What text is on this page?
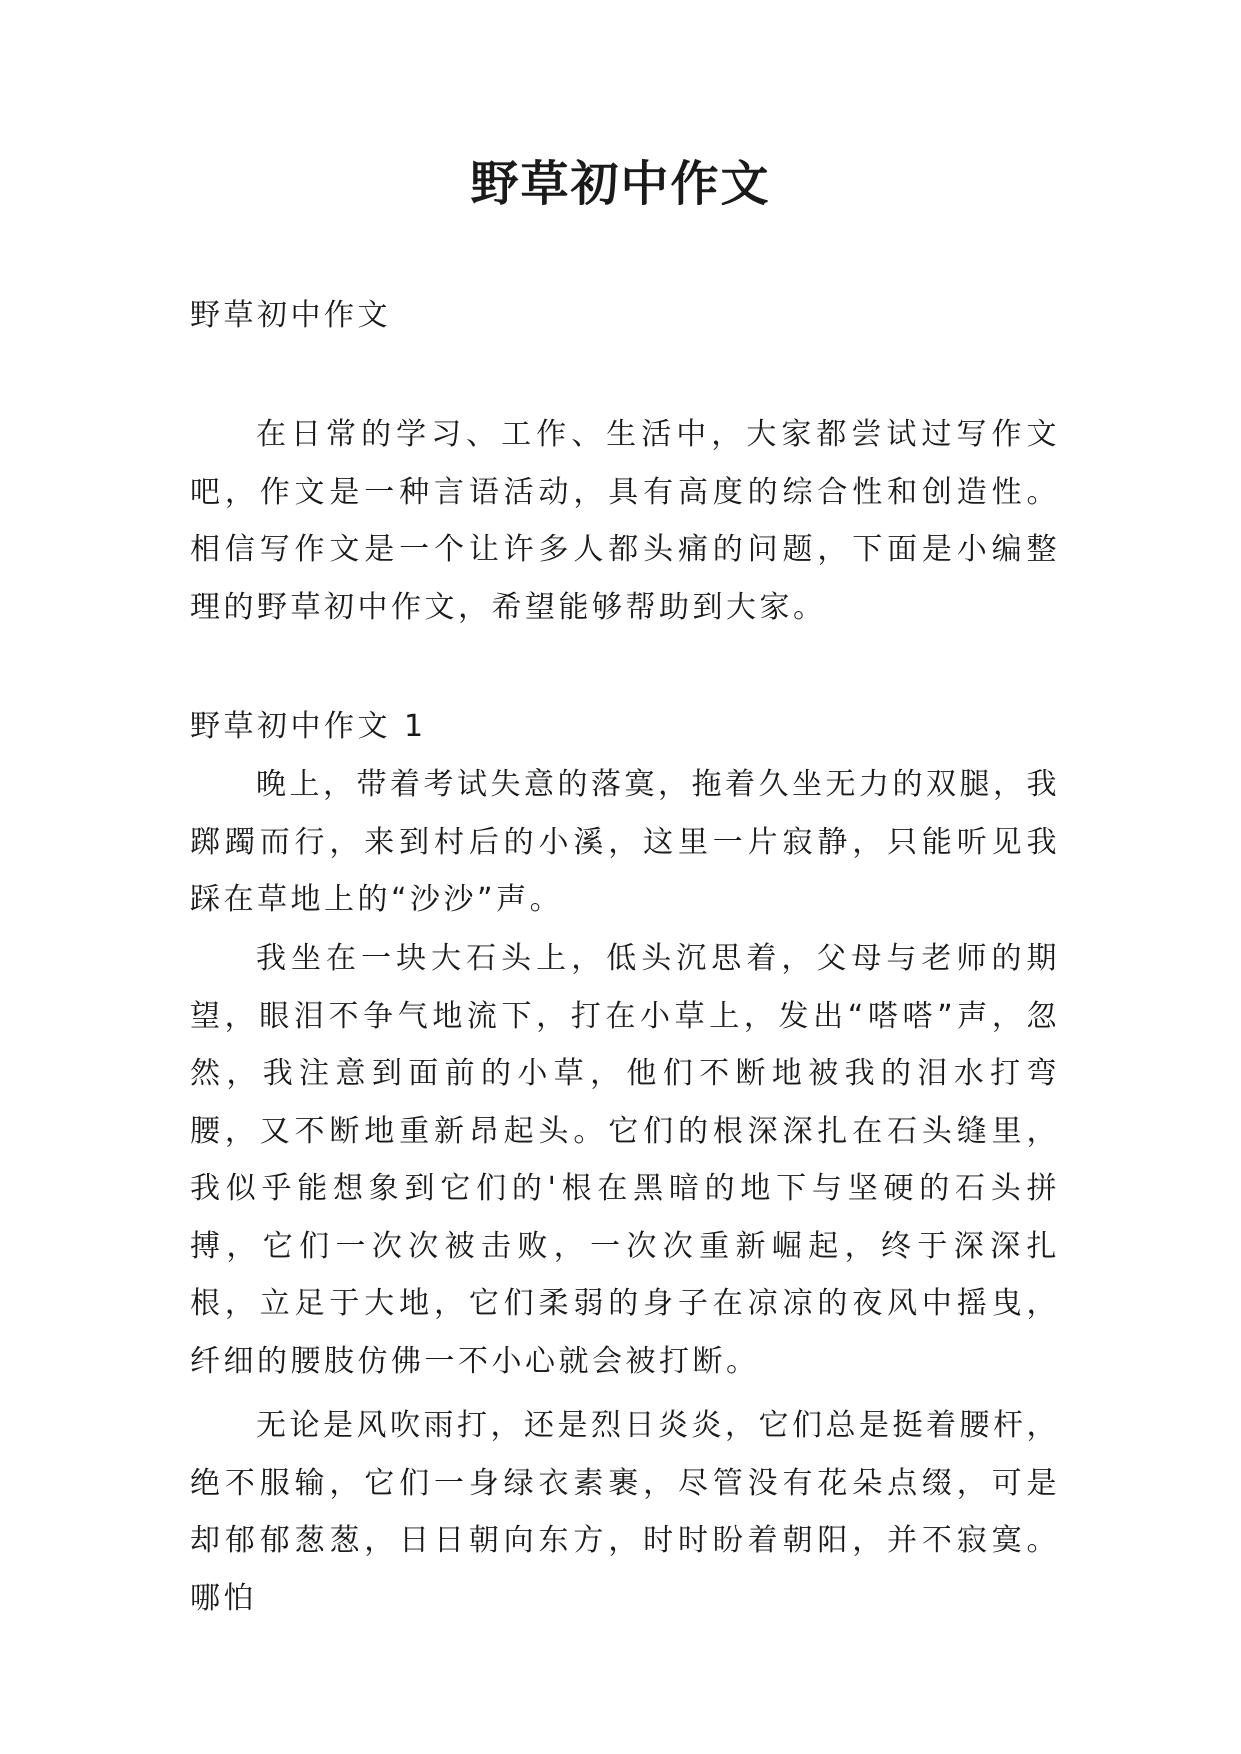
野草初中作文

野草初中作文

在日常的学习、工作、生活中，大家都尝试过写作文吧，作文是一种言语活动，具有高度的综合性和创造性。相信写作文是一个让许多人都头痛的问题，下面是小编整理的野草初中作文，希望能够帮助到大家。

野草初中作文 1

晚上，带着考试失意的落寞，拖着久坐无力的双腿，我踯躅而行，来到村后的小溪，这里一片寂静，只能听见我踩在草地上的“沙沙”声。

我坐在一块大石头上，低头沉思着，父母与老师的期望，眼泪不争气地流下，打在小草上，发出“嗒嗒”声，忽然，我注意到面前的小草，他们不断地被我的泪水打弯腰，又不断地重新昂起头。它们的根深深扎在石头缝里，我似乎能想象到它们的'根在黑暗的地下与坚硬的石头拼搏，它们一次次被击败，一次次重新崛起，终于深深扎根，立足于大地，它们柔弱的身子在凉凉的夜风中摇曳，纤细的腰肢仿佛一不小心就会被打断。

无论是风吹雨打，还是烈日炎炎，它们总是挺着腰杆，绝不服输，它们一身绿衣素裹，尽管没有花朵点缀，可是却郁郁葱葱，日日朝向东方，时时盼着朝阳，并不寂寞。哪怕
